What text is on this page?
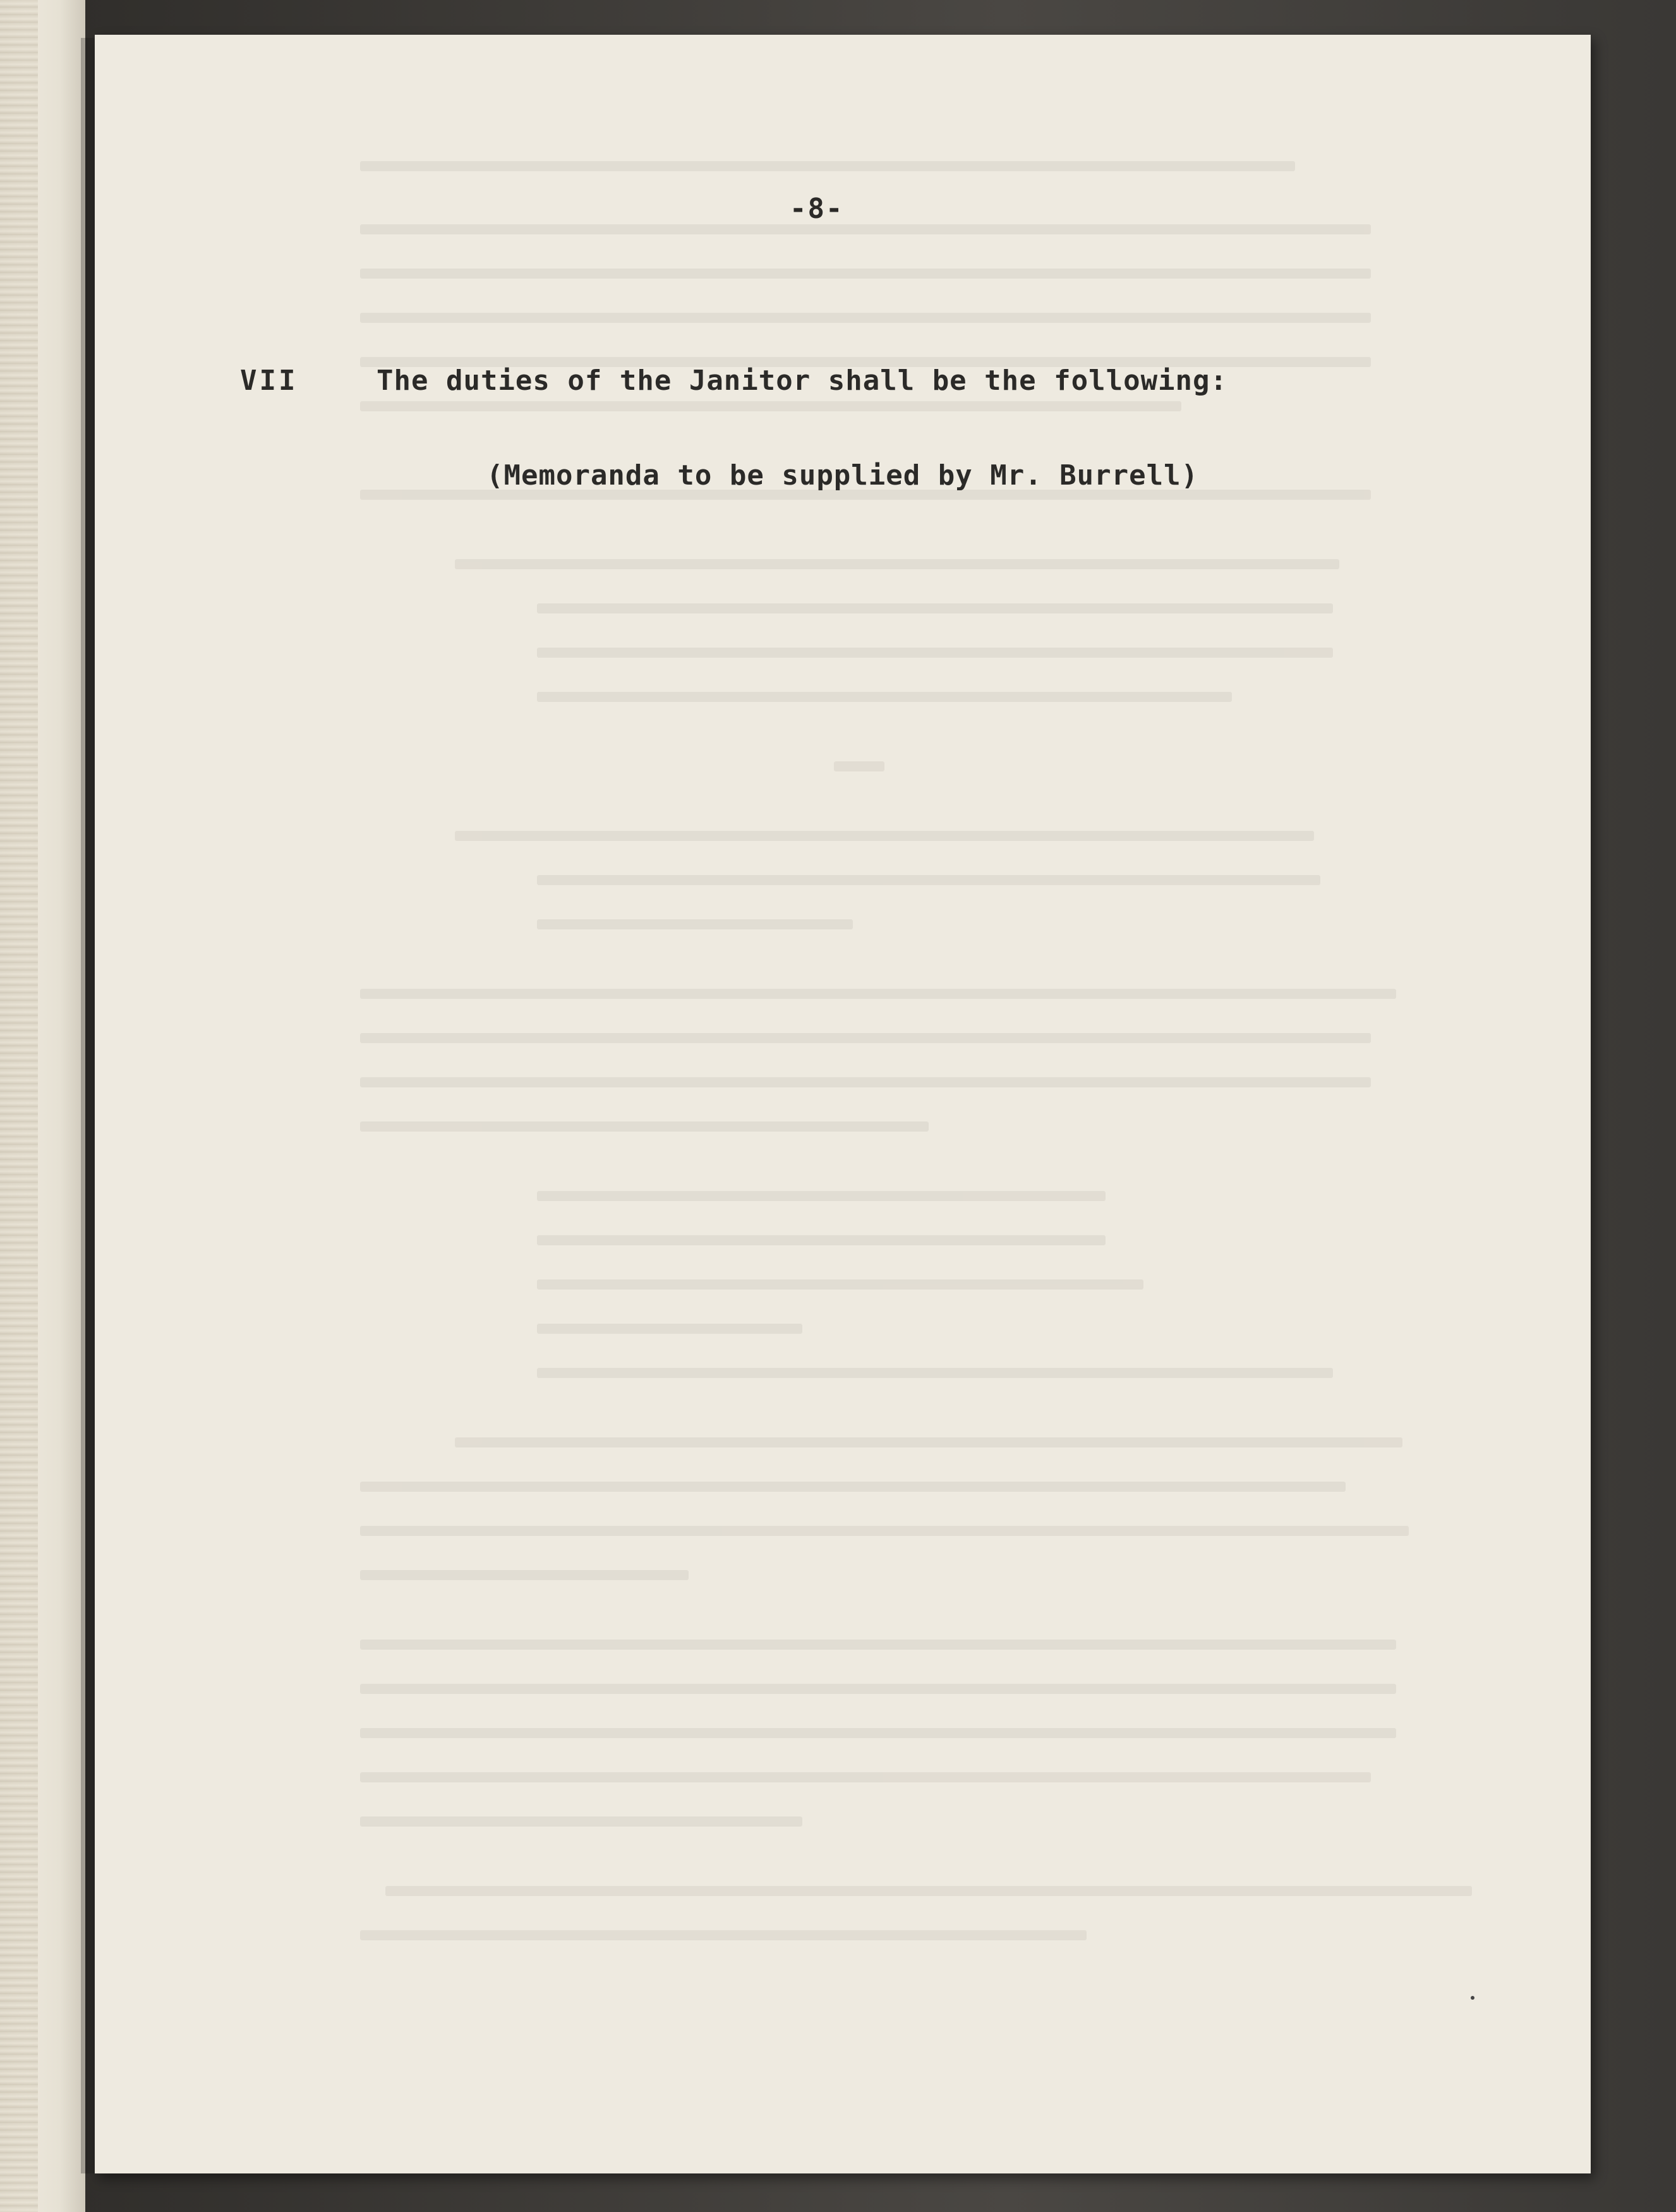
-8-
VII	The duties of the Janitor shall be the following:
(Memoranda to be supplied by Mr. Burrell)
